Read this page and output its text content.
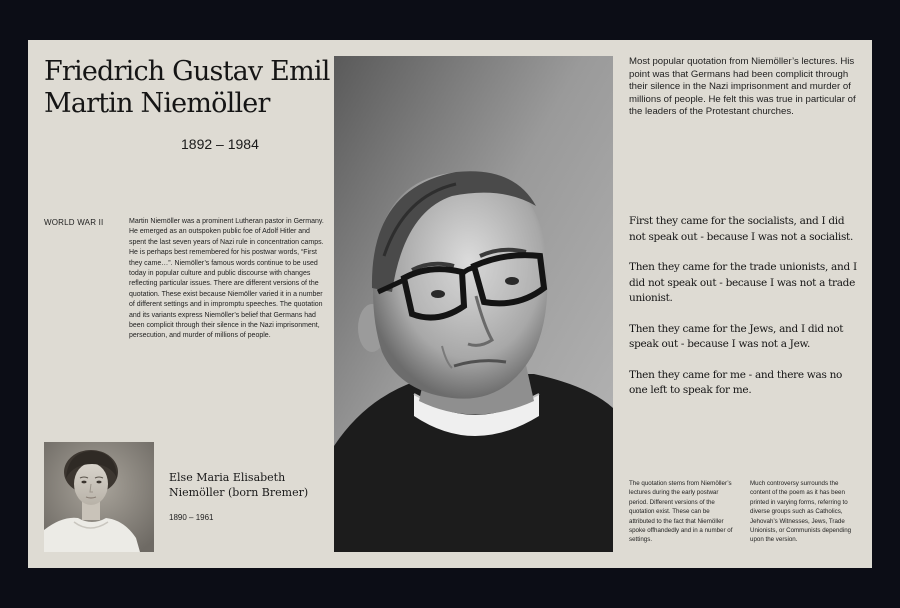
Friedrich Gustav Emil
Martin Niemöller
1892 – 1984
WORLD WAR II	Martin Niemöller was a prominent Lutheran pastor in Germany. He emerged as an outspoken public foe of Adolf Hitler and spent the last seven years of Nazi rule in concentration camps. He is perhaps best remembered for his postwar words, “First they came…”. Niemöller’s famous words continue to be used today in popular culture and public discourse with changes reflecting particular issues. There are different versions of the quotation. These exist because Niemöller varied it in a number of different settings and in impromptu speeches. The quotation and its variants express Niemöller’s belief that Germans had been complicit through their silence in the Nazi imprisonment, persecution, and murder of millions of people.

Else Maria Elisabeth
Niemöller (born Bremer)
1890 – 1961

Most popular quotation from Niemöller’s lectures. His point was that Germans had been complicit through their silence in the Nazi imprisonment and murder of millions of people. He felt this was true in particular of the leaders of the Protestant churches.

First they came for the socialists, and I did not speak out - because I was not a socialist.

Then they came for the trade unionists, and I did not speak out - because I was not a trade unionist.

Then they came for the Jews, and I did not speak out - because I was not a Jew.

Then they came for me - and there was no one left to speak for me.

The quotation stems from Niemöller’s lectures during the early postwar period. Different versions of the quotation exist. These can be attributed to the fact that Niemöller spoke offhandedly and in a number of settings.

Much controversy surrounds the content of the poem as it has been printed in varying forms, referring to diverse groups such as Catholics, Jehovah’s Witnesses, Jews, Trade Unionists, or Communists depending upon the version.
